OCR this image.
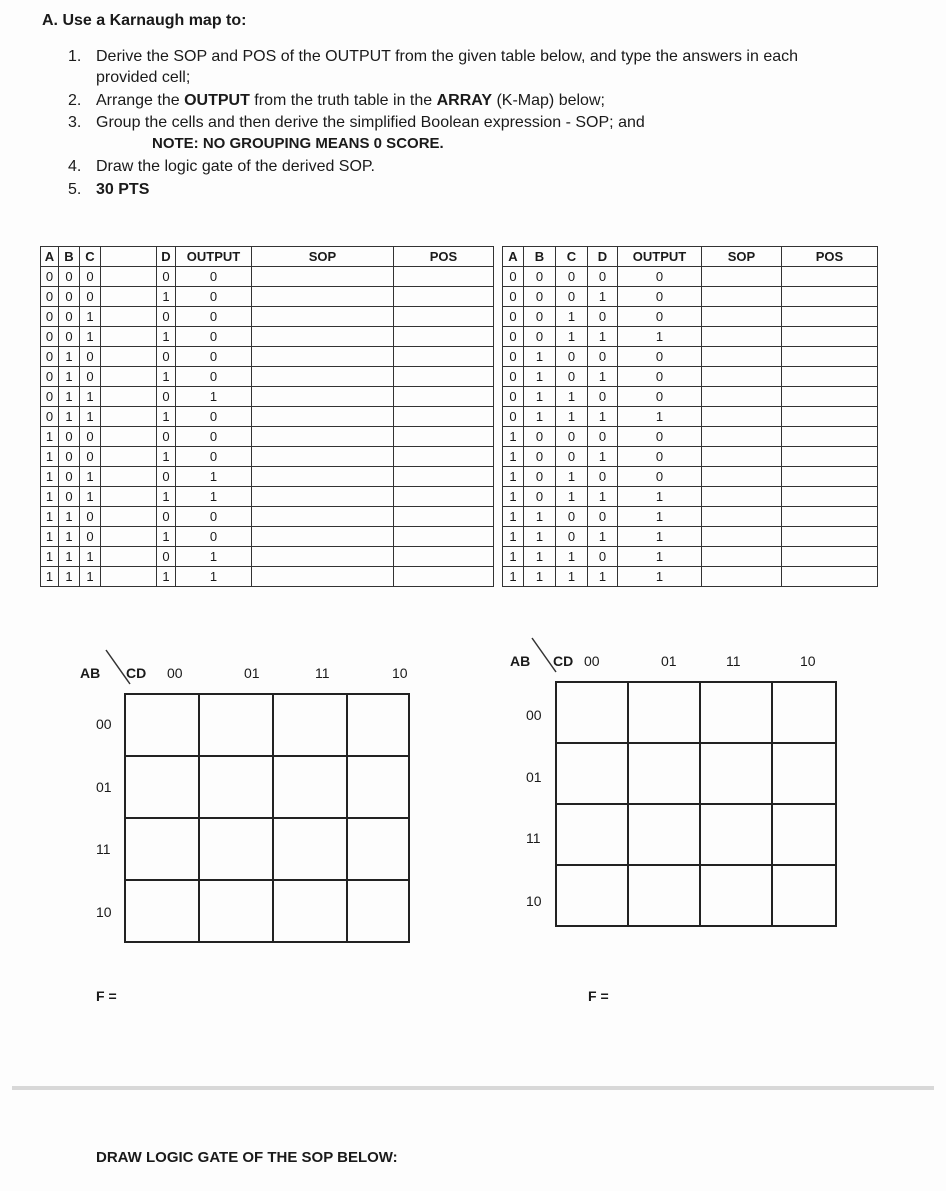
A. Use a Karnaugh map to:
1. Derive the SOP and POS of the OUTPUT from the given table below, and type the answers in each
provided cell;
2. Arrange the OUTPUT from the truth table in the ARRAY (K-Map) below;
3. Group the cells and then derive the simplified Boolean expression - SOP; and
NOTE: NO GROUPING MEANS 0 SCORE.
4. Draw the logic gate of the derived SOP.
5. 30 PTS
A	B	C		D	OUTPUT	SOP	POS
0	0	0		0	0		
0	0	0		1	0		
0	0	1		0	0		
0	0	1		1	0		
0	1	0		0	0		
0	1	0		1	0		
0	1	1		0	1		
0	1	1		1	0		
1	0	0		0	0		
1	0	0		1	0		
1	0	1		0	1		
1	0	1		1	1		
1	1	0		0	0		
1	1	0		1	0		
1	1	1		0	1		
1	1	1		1	1		
A	B	C	D	OUTPUT	SOP	POS
0	0	0	0	0		
0	0	0	1	0		
0	0	1	0	0		
0	0	1	1	1		
0	1	0	0	0		
0	1	0	1	0		
0	1	1	0	0		
0	1	1	1	1		
1	0	0	0	0		
1	0	0	1	0		
1	0	1	0	0		
1	0	1	1	1		
1	1	0	0	1		
1	1	0	1	1		
1	1	1	0	1		
1	1	1	1	1		
AB CD 00	01	11	10
00
01
11
10

F =
AB CD 00	01	11	10
00
01
11
10

F =
DRAW LOGIC GATE OF THE SOP BELOW:
